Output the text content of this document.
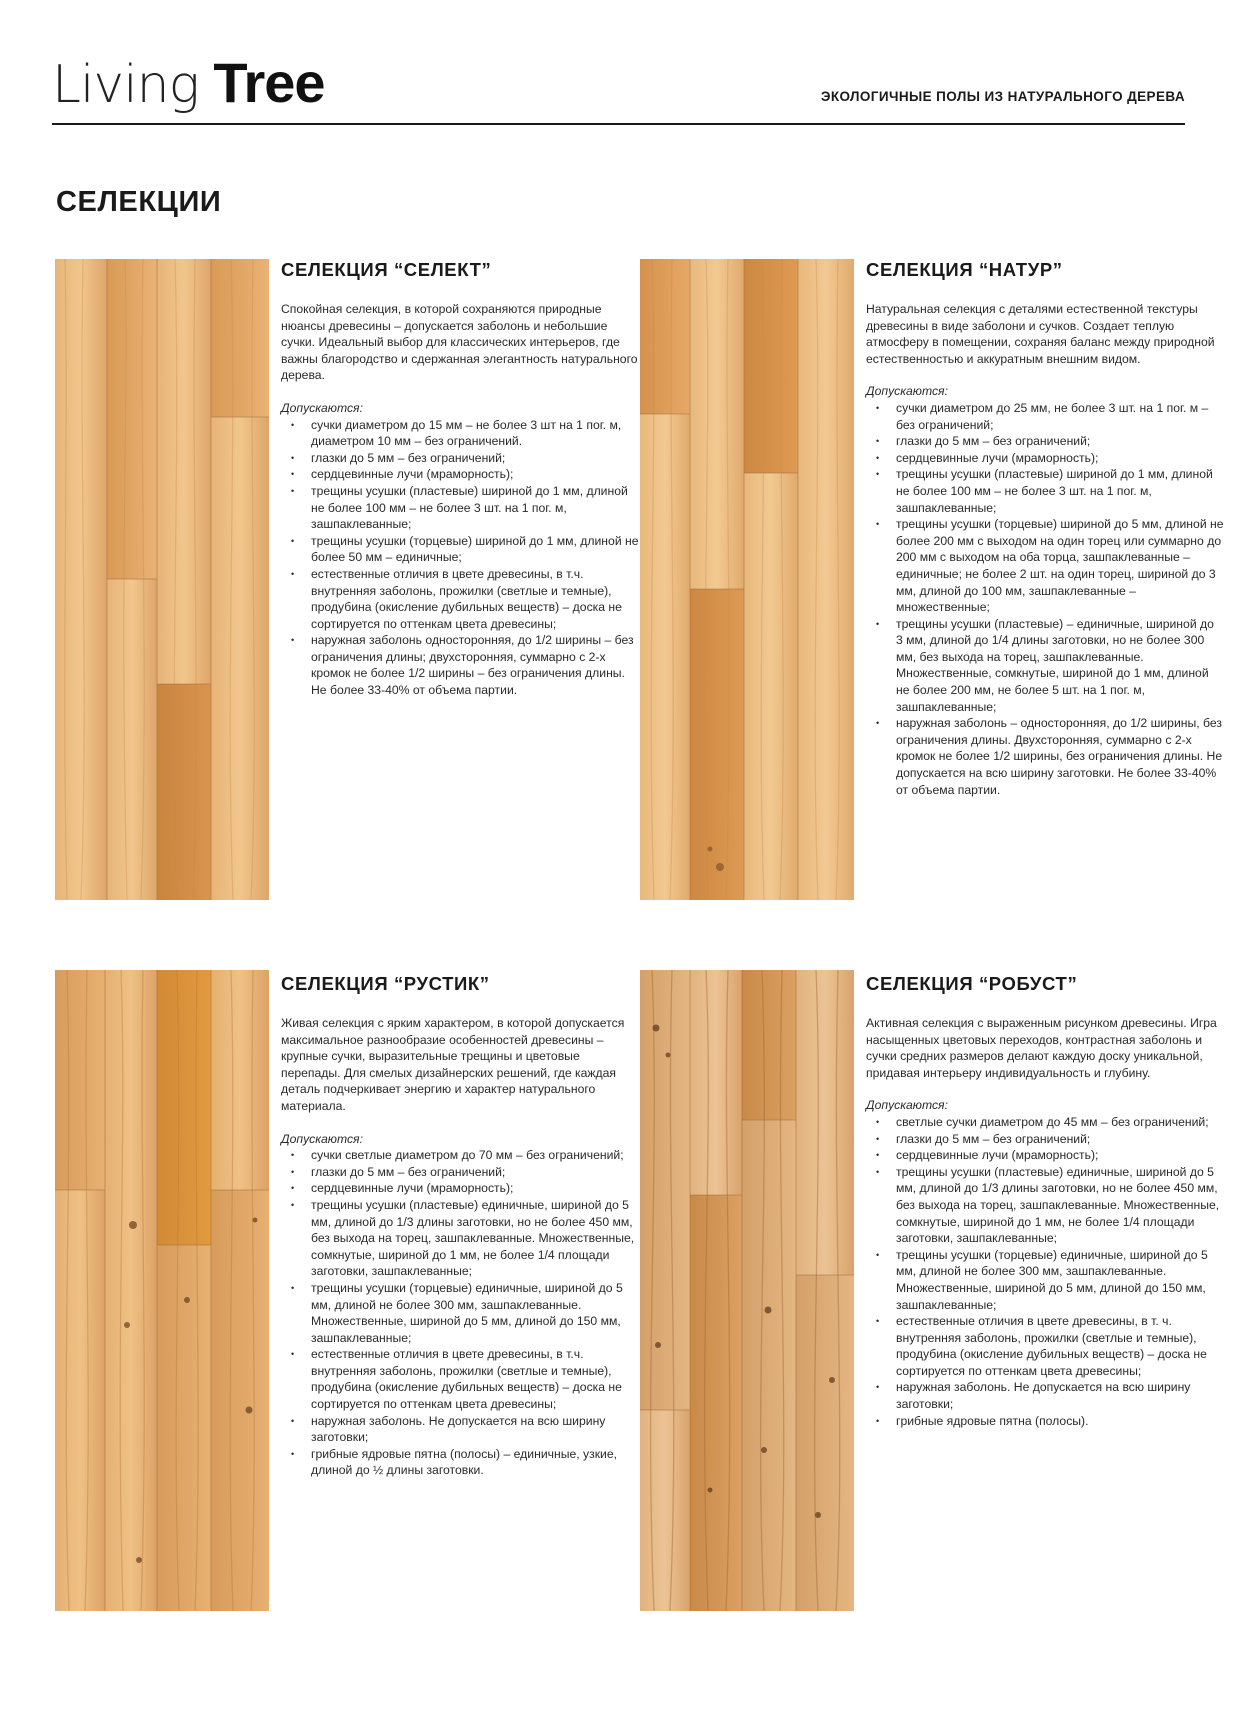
Living Tree	ЭКОЛОГИЧНЫЕ ПОЛЫ ИЗ НАТУРАЛЬНОГО ДЕРЕВА
СЕЛЕКЦИИ
СЕЛЕКЦИЯ “СЕЛЕКТ”

Спокойная селекция, в которой сохраняются природные нюансы древесины – допускается заболонь и небольшие сучки. Идеальный выбор для классических интерьеров, где важны благородство и сдержанная элегантность натурального дерева.

Допускаются:

• сучки диаметром до 15 мм – не более 3 шт на 1 пог. м, диаметром 10 мм – без ограничений.
• глазки до 5 мм – без ограничений;
• сердцевинные лучи (мраморность);
• трещины усушки (пластевые) шириной до 1 мм, длиной не более 100 мм – не более 3 шт. на 1 пог. м, зашпаклеванные;
• трещины усушки (торцевые) шириной до 1 мм, длиной не более 50 мм – единичные;
• естественные отличия в цвете древесины, в т.ч. внутренняя заболонь, прожилки (светлые и темные), продубина (окисление дубильных веществ) – доска не сортируется по оттенкам цвета древесины;
• наружная заболонь односторонняя, до 1/2 ширины – без ограничения длины; двухсторонняя, суммарно с 2-х кромок не более 1/2 ширины – без ограничения длины. Не более 33-40% от объема партии.
СЕЛЕКЦИЯ “НАТУР”

Натуральная селекция с деталями естественной текстуры древесины в виде заболони и сучков. Создает теплую атмосферу в помещении, сохраняя баланс между природной естественностью и аккуратным внешним видом.

Допускаются:

• сучки диаметром до 25 мм, не более 3 шт. на 1 пог. м – без ограничений;
• глазки до 5 мм – без ограничений;
• сердцевинные лучи (мраморность);
• трещины усушки (пластевые) шириной до 1 мм, длиной не более 100 мм – не более 3 шт. на 1 пог. м, зашпаклеванные;
• трещины усушки (торцевые) шириной до 5 мм, длиной не более 200 мм с выходом на один торец или суммарно до 200 мм с выходом на оба торца, зашпаклеванные – единичные; не более 2 шт. на один торец, шириной до 3 мм, длиной до 100 мм, зашпаклеванные – множественные;
• трещины усушки (пластевые) – единичные, шириной до 3 мм, длиной до 1/4 длины заготовки, но не более 300 мм, без выхода на торец, зашпаклеванные. Множественные, сомкнутые, шириной до 1 мм, длиной не более 200 мм, не более 5 шт. на 1 пог. м, зашпаклеванные;
• наружная заболонь – односторонняя, до 1/2 ширины, без ограничения длины. Двухсторонняя, суммарно с 2-х кромок не более 1/2 ширины, без ограничения длины. Не допускается на всю ширину заготовки. Не более 33-40% от объема партии.
СЕЛЕКЦИЯ “РУСТИК”

Живая селекция с ярким характером, в которой допускается максимальное разнообразие особенностей древесины – крупные сучки, выразительные трещины и цветовые перепады. Для смелых дизайнерских решений, где каждая деталь подчеркивает энергию и характер натурального материала.

Допускаются:

• сучки светлые диаметром до 70 мм – без ограничений;
• глазки до 5 мм – без ограничений;
• сердцевинные лучи (мраморность);
• трещины усушки (пластевые) единичные, шириной до 5 мм, длиной до 1/3 длины заготовки, но не более 450 мм, без выхода на торец, зашпаклеванные. Множественные, сомкнутые, шириной до 1 мм, не более 1/4 площади заготовки, зашпаклеванные;
• трещины усушки (торцевые) единичные, шириной до 5 мм, длиной не более 300 мм, зашпаклеванные. Множественные, шириной до 5 мм, длиной до 150 мм, зашпаклеванные;
• естественные отличия в цвете древесины, в т.ч. внутренняя заболонь, прожилки (светлые и темные), продубина (окисление дубильных веществ) – доска не сортируется по оттенкам цвета древесины;
• наружная заболонь. Не допускается на всю ширину заготовки;
• грибные ядровые пятна (полосы) – единичные, узкие, длиной до ½ длины заготовки.
СЕЛЕКЦИЯ “РОБУСТ”

Активная селекция с выраженным рисунком древесины. Игра насыщенных цветовых переходов, контрастная заболонь и сучки средних размеров делают каждую доску уникальной, придавая интерьеру индивидуальность и глубину.

Допускаются:

• светлые сучки диаметром до 45 мм – без ограничений;
• глазки до 5 мм – без ограничений;
• сердцевинные лучи (мраморность);
• трещины усушки (пластевые) единичные, шириной до 5 мм, длиной до 1/3 длины заготовки, но не более 450 мм, без выхода на торец, зашпаклеванные. Множественные, сомкнутые, шириной до 1 мм, не более 1/4 площади заготовки, зашпаклеванные;
• трещины усушки (торцевые) единичные, шириной до 5 мм, длиной не более 300 мм, зашпаклеванные. Множественные, шириной до 5 мм, длиной до 150 мм, зашпаклеванные;
• естественные отличия в цвете древесины, в т. ч. внутренняя заболонь, прожилки (светлые и темные), продубина (окисление дубильных веществ) – доска не сортируется по оттенкам цвета древесины;
• наружная заболонь. Не допускается на всю ширину заготовки;
• грибные ядровые пятна (полосы).
